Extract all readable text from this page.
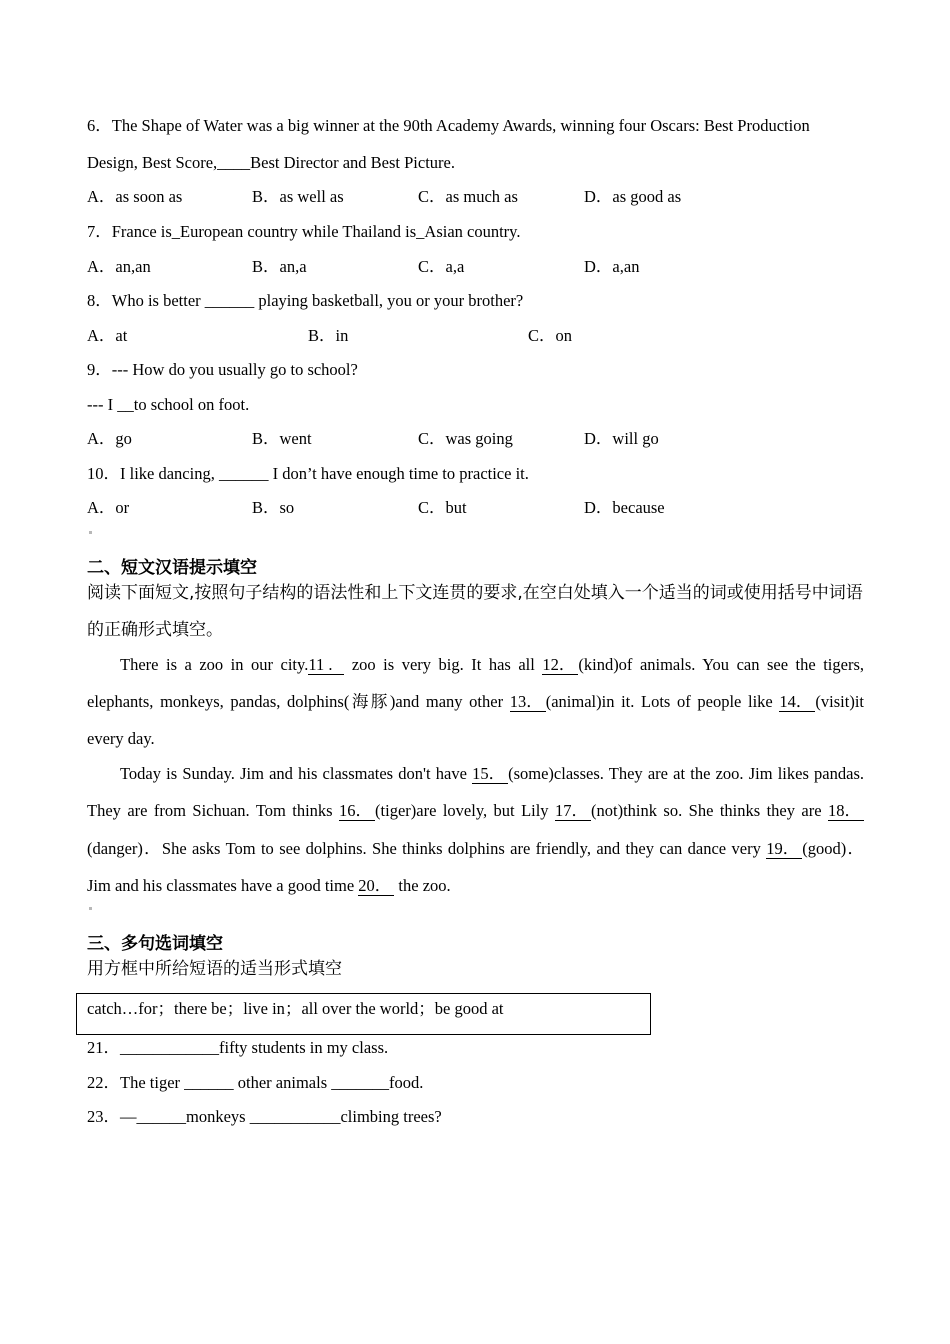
6．The Shape of Water was a big winner at the 90th Academy Awards, winning four Oscars: Best Production
Design, Best Score,____Best Director and Best Picture.
A．as soon as	B．as well as	C．as much as	D．as good as
7．France is_European country while Thailand is_Asian country.
A．an,an	B．an,a	C．a,a	D．a,an
8．Who is better ______ playing basketball, you or your brother?
A．at	B．in	C．on
9．--- How do you usually go to school?
--- I __to school on foot.
A．go	B．went	C．was going	D．will go
10．I like dancing, ______ I don’t have enough time to practice it.
A．or	B．so	C．but	D．because
二、短文汉语提示填空
阅读下面短文,按照句子结构的语法性和上下文连贯的要求,在空白处填入一个适当的词或使用括号中词语
的正确形式填空。
There is a zoo in our city.11 . zoo is very big. It has all 12． (kind)of animals. You can see the tigers,
elephants, monkeys, pandas, dolphins(海豚)and many other 13． (animal)in it. Lots of people like 14． (visit)it
every day.
Today is Sunday. Jim and his classmates don't have 15． (some)classes. They are at the zoo. Jim likes pandas.
They are from Sichuan. Tom thinks 16． (tiger)are lovely, but Lily 17． (not)think so. She thinks they are 18．
(danger)．She asks Tom to see dolphins. She thinks dolphins are friendly, and they can dance very 19． (good)．
Jim and his classmates have a good time 20． the zoo.
三、多句选词填空
用方框中所给短语的适当形式填空
catch…for；there be；live in；all over the world；be good at
21．____________fifty students in my class.
22．The tiger ______ other animals _______food.
23．—______monkeys ___________climbing trees?
